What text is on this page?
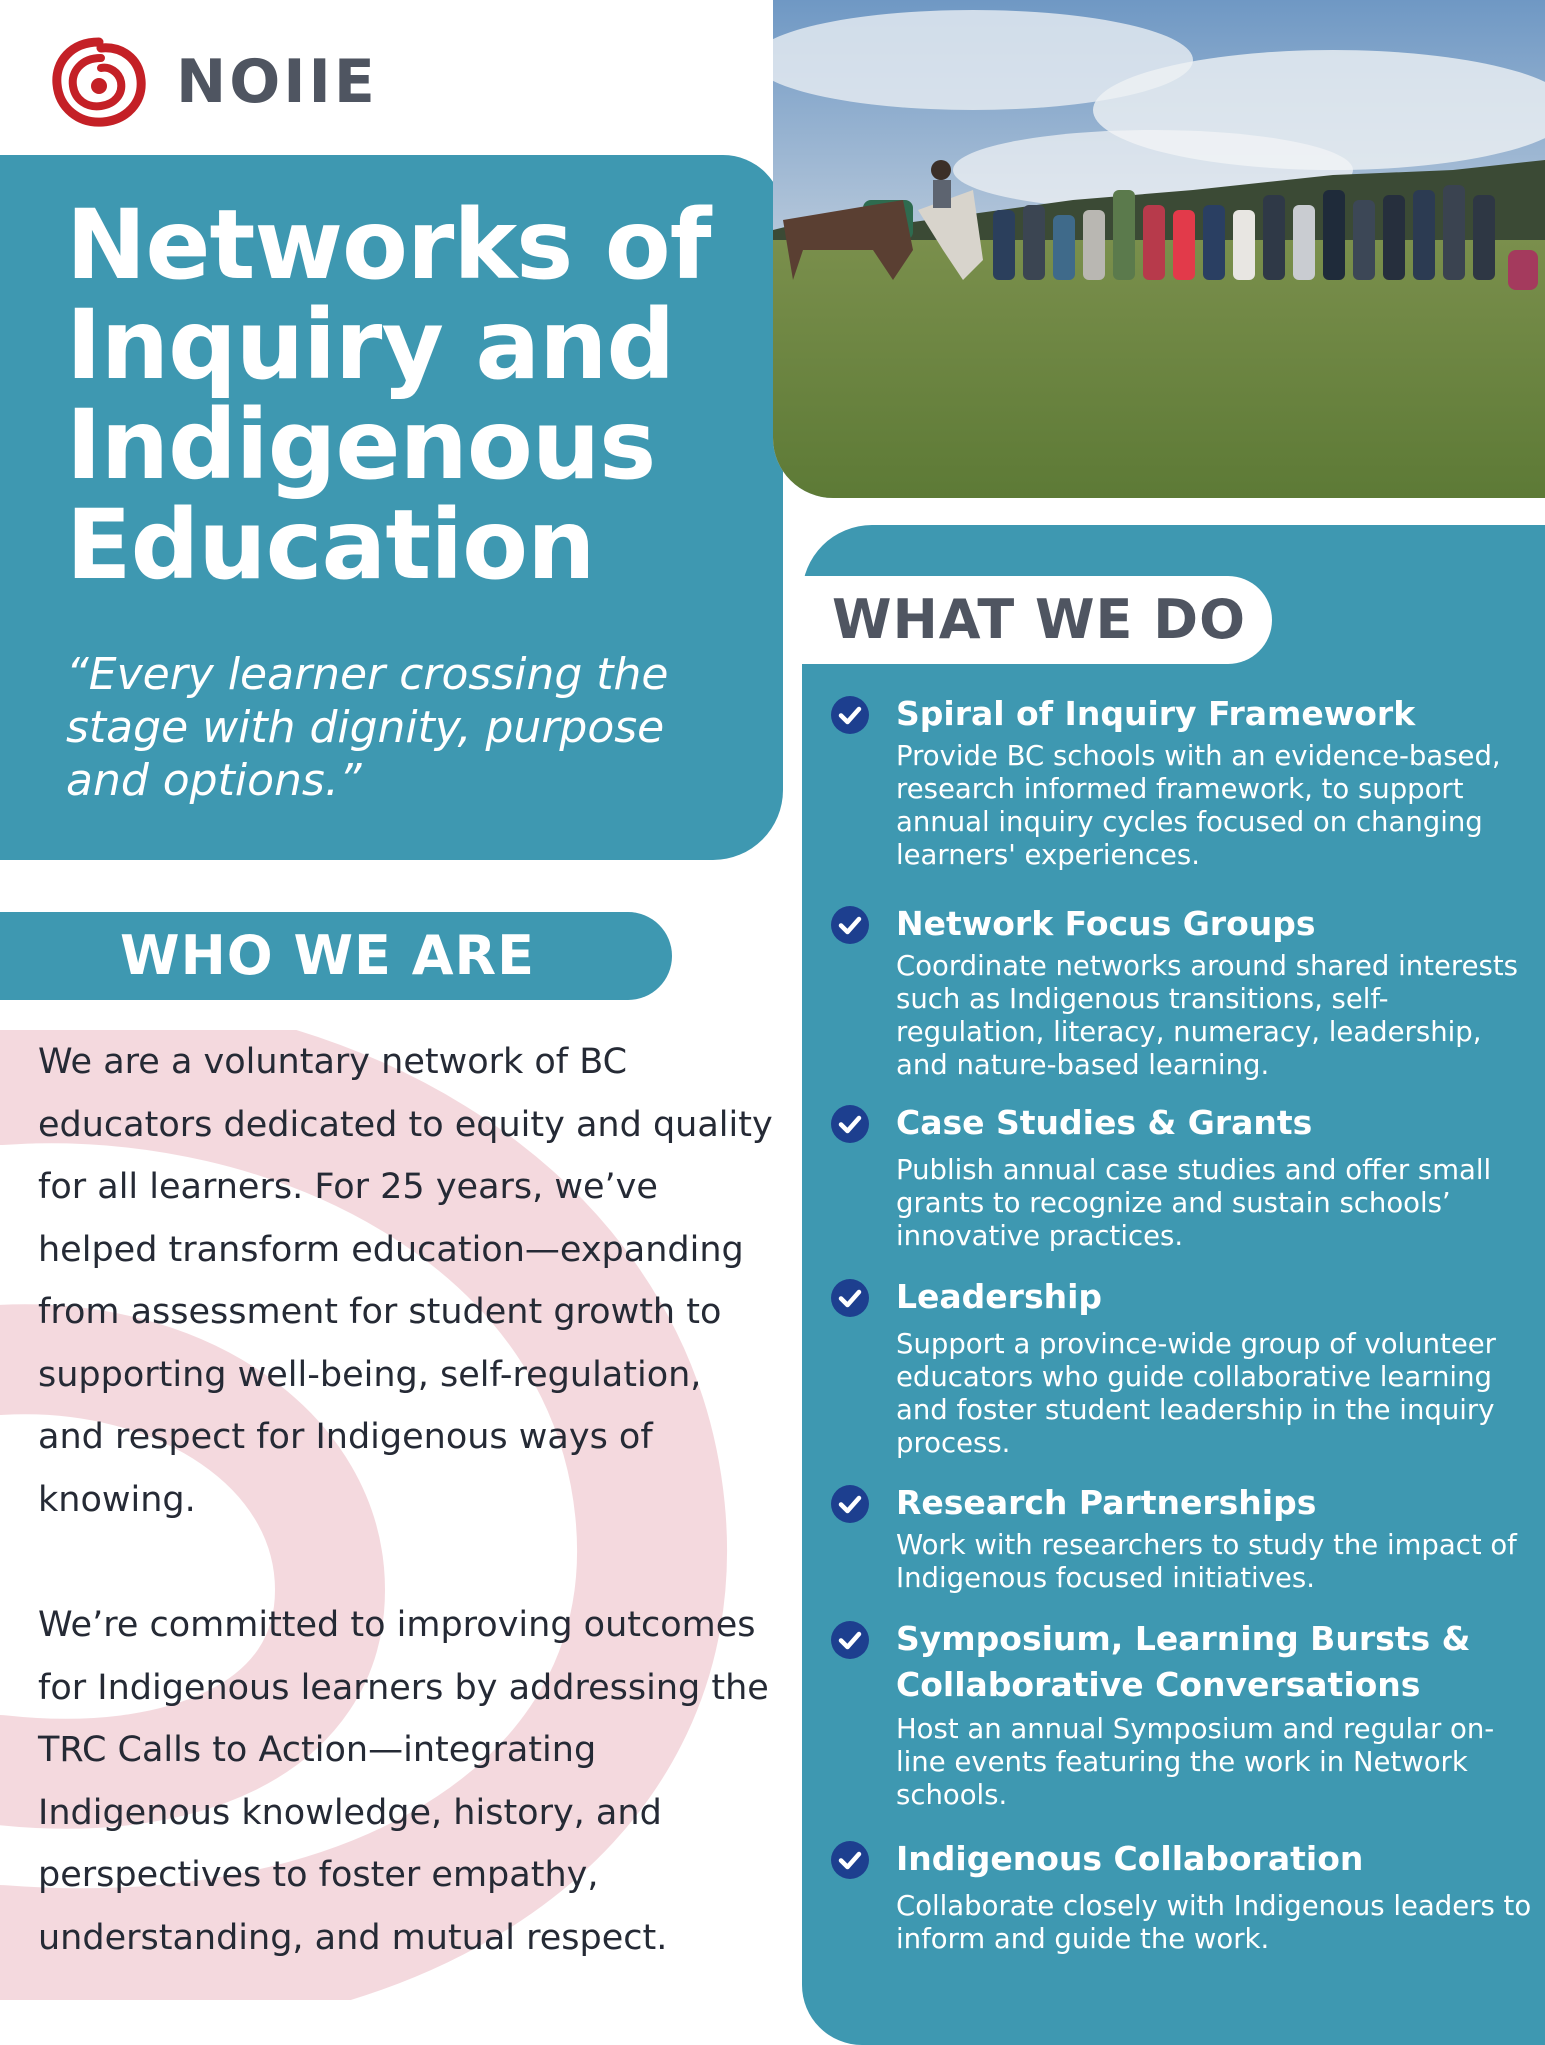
NOIIE
Networks of
Inquiry and
Indigenous
Education
“Every learner crossing the stage with dignity, purpose and options.”
WHO WE ARE

We are a voluntary network of BC educators dedicated to equity and quality for all learners. For 25 years, we’ve helped transform education—expanding from assessment for student growth to supporting well-being, self-regulation, and respect for Indigenous ways of knowing.

We’re committed to improving outcomes for Indigenous learners by addressing the TRC Calls to Action—integrating Indigenous knowledge, history, and perspectives to foster empathy, understanding, and mutual respect.

WHAT WE DO
Spiral of Inquiry Framework
Provide BC schools with an evidence-based, research informed framework, to support annual inquiry cycles focused on changing learners' experiences.
Network Focus Groups
Coordinate networks around shared interests such as Indigenous transitions, self-regulation, literacy, numeracy, leadership, and nature-based learning.
Case Studies & Grants
Publish annual case studies and offer small grants to recognize and sustain schools’ innovative practices.
Leadership
Support a province-wide group of volunteer educators who guide collaborative learning and foster student leadership in the inquiry process.
Research Partnerships
Work with researchers to study the impact of Indigenous focused initiatives.
Symposium, Learning Bursts & Collaborative Conversations
Host an annual Symposium and regular on-line events featuring the work in Network schools.
Indigenous Collaboration
Collaborate closely with Indigenous leaders to inform and guide the work.
